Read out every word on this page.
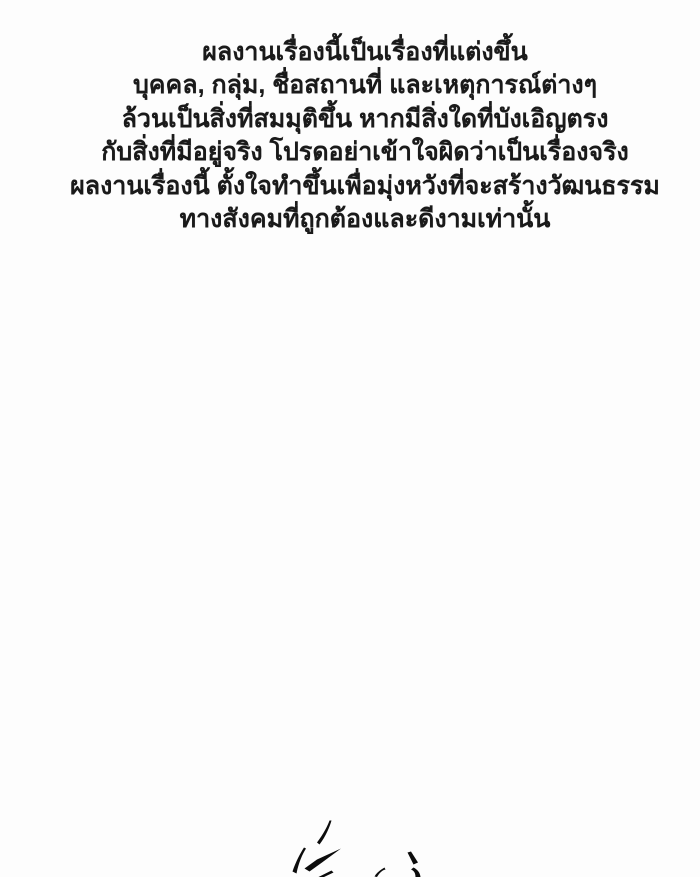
ผลงานเรื่องนี้เป็นเรื่องที่แต่งขึ้น
บุคคล, กลุ่ม, ชื่อสถานที่ และเหตุการณ์ต่างๆ
ล้วนเป็นสิ่งที่สมมุติขึ้น หากมีสิ่งใดที่บังเอิญตรง
กับสิ่งที่มีอยู่จริง โปรดอย่าเข้าใจผิดว่าเป็นเรื่องจริง
ผลงานเรื่องนี้ ตั้งใจทำขึ้นเพื่อมุ่งหวังที่จะสร้างวัฒนธรรม
ทางสังคมที่ถูกต้องและดีงามเท่านั้น
